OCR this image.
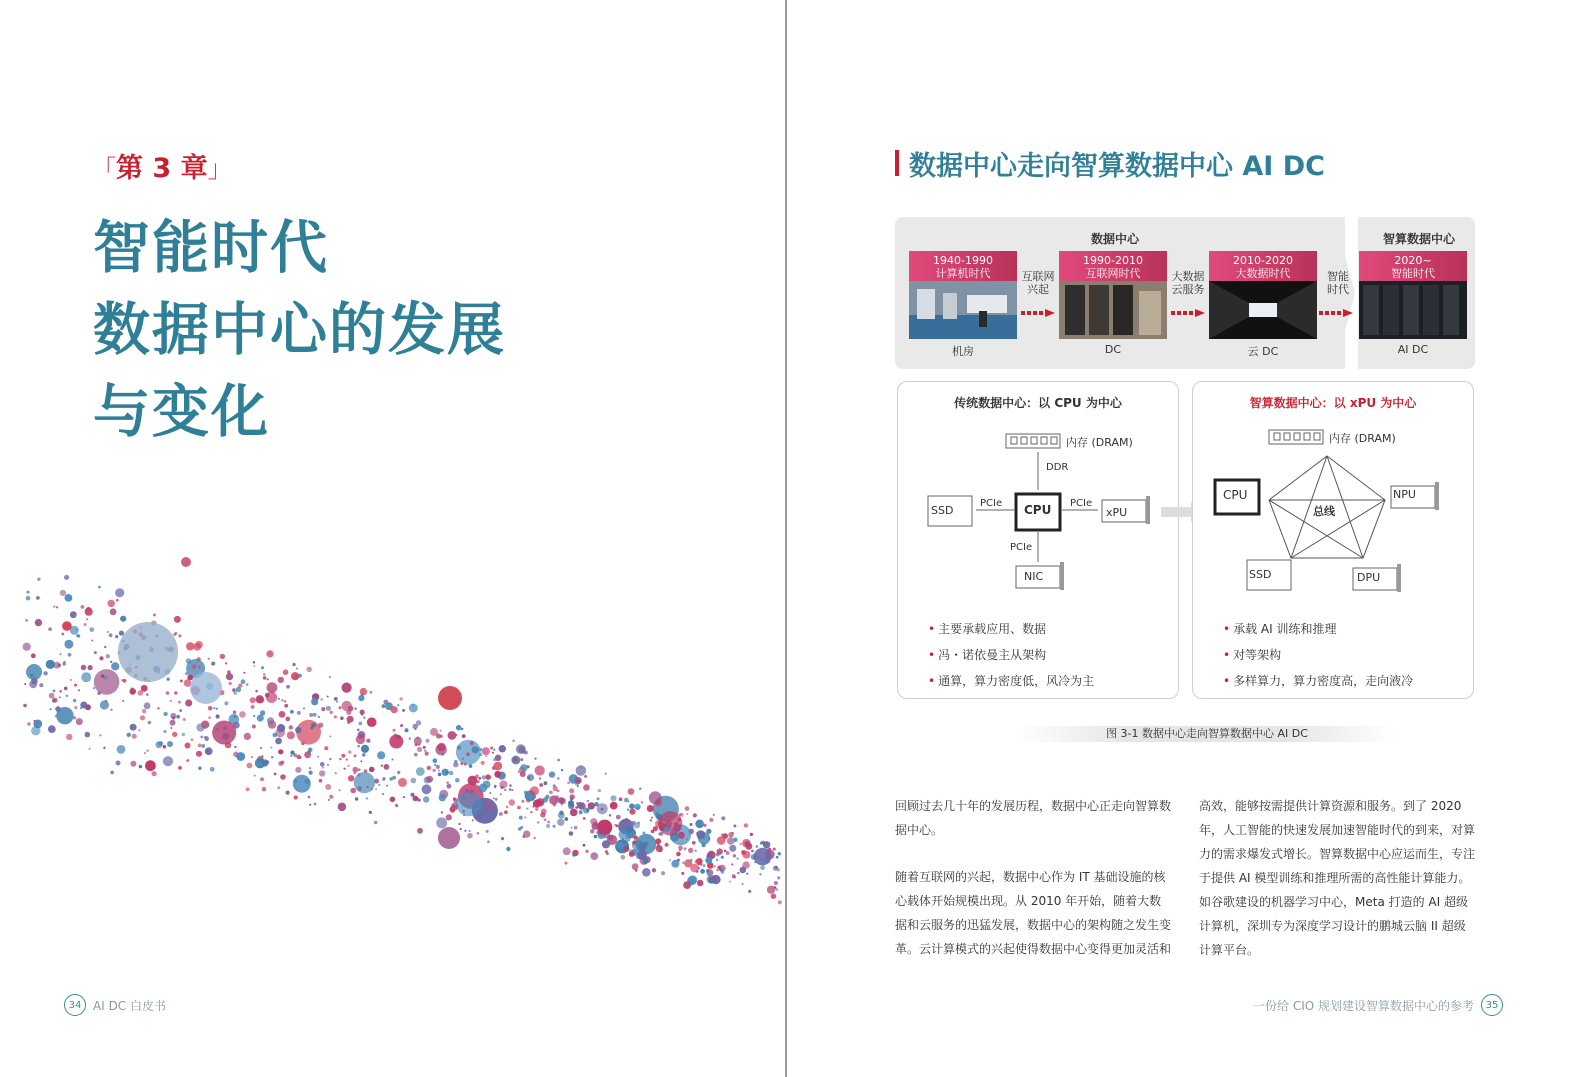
「第 3 章」
智能时代
数据中心的发展
与变化
34 AI DC 白皮书
数据中心走向智算数据中心 AI DC
数据中心	智算数据中心
1940-1990
计算机时代
机房
互联网
兴起
1990-2010
互联网时代
DC
大数据
云服务
2010-2020
大数据时代
云 DC
智能
时代
2020~
智能时代
AI DC
传统数据中心：以 CPU 为中心
内存 (DRAM)
DDR
PCIe	PCIe
PCIe
CPU
SSD	xPU
NIC
• 主要承载应用、数据
• 冯・诺依曼主从架构
• 通算，算力密度低，风冷为主
智算数据中心：以 xPU 为中心
内存 (DRAM)
CPU	NPU
总线
SSD	DPU
• 承载 AI 训练和推理
• 对等架构
• 多样算力，算力密度高，走向液冷
图 3-1 数据中心走向智算数据中心 AI DC

回顾过去几十年的发展历程，数据中心正走向智算数据中心。

随着互联网的兴起，数据中心作为 IT 基础设施的核心载体开始规模出现。从 2010 年开始，随着大数据和云服务的迅猛发展，数据中心的架构随之发生变革。云计算模式的兴起使得数据中心变得更加灵活和

高效，能够按需提供计算资源和服务。到了 2020 年，人工智能的快速发展加速智能时代的到来，对算力的需求爆发式增长。智算数据中心应运而生，专注于提供 AI 模型训练和推理所需的高性能计算能力。如谷歌建设的机器学习中心，Meta 打造的 AI 超级计算机，深圳专为深度学习设计的鹏城云脑 II 超级计算平台。

一份给 CIO 规划建设智算数据中心的参考	35
